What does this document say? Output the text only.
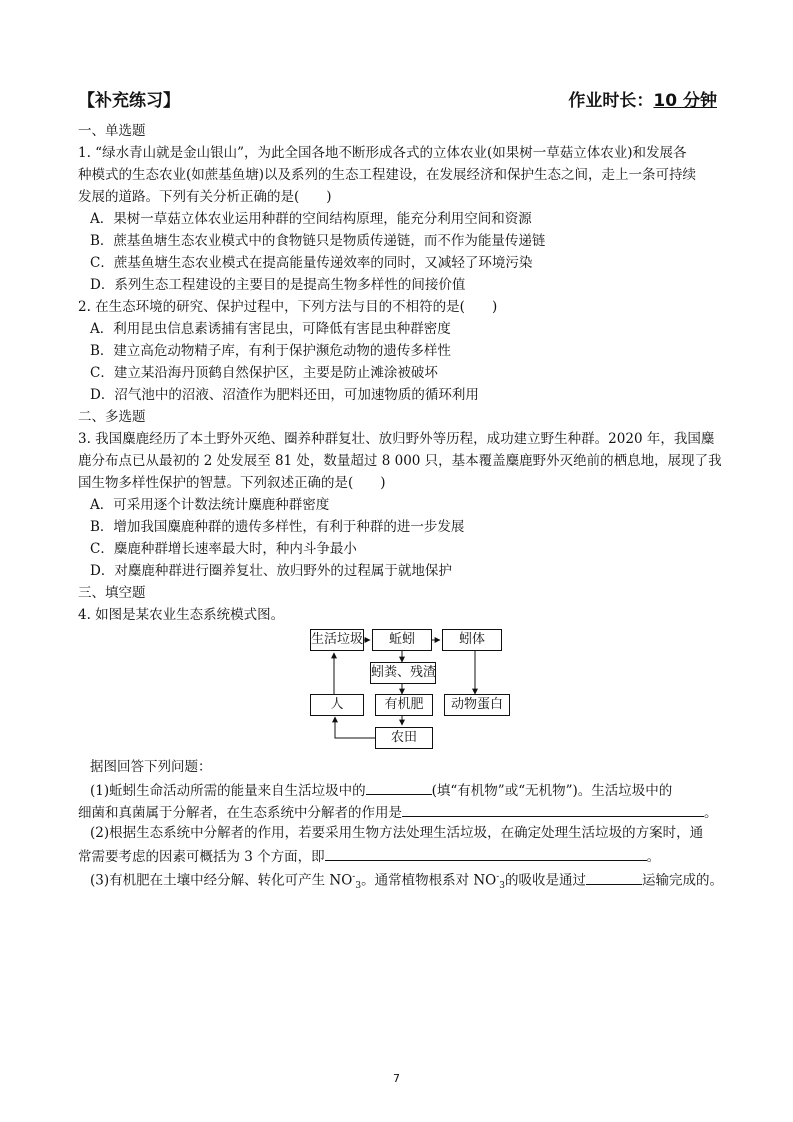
【补充练习】	作业时长：10 分钟
一、单选题
1. “绿水青山就是金山银山”，为此全国各地不断形成各式的立体农业(如果树一草菇立体农业)和发展各
种模式的生态农业(如蔗基鱼塘)以及系列的生态工程建设，在发展经济和保护生态之间，走上一条可持续
发展的道路。下列有关分析正确的是(　　)
A．果树一草菇立体农业运用种群的空间结构原理，能充分利用空间和资源
B．蔗基鱼塘生态农业模式中的食物链只是物质传递链，而不作为能量传递链
C．蔗基鱼塘生态农业模式在提高能量传递效率的同时，又减轻了环境污染
D．系列生态工程建设的主要目的是提高生物多样性的间接价值
2. 在生态环境的研究、保护过程中，下列方法与目的不相符的是(　　)
A．利用昆虫信息素诱捕有害昆虫，可降低有害昆虫种群密度
B．建立高危动物精子库，有利于保护濒危动物的遗传多样性
C．建立某沿海丹顶鹤自然保护区，主要是防止滩涂被破坏
D．沼气池中的沼液、沼渣作为肥料还田，可加速物质的循环利用
二、多选题
3. 我国麋鹿经历了本土野外灭绝、圈养种群复壮、放归野外等历程，成功建立野生种群。2020 年，我国麋
鹿分布点已从最初的 2 处发展至 81 处，数量超过 8 000 只，基本覆盖麋鹿野外灭绝前的栖息地，展现了我
国生物多样性保护的智慧。下列叙述正确的是(　　)
A．可采用逐个计数法统计麋鹿种群密度
B．增加我国麋鹿种群的遗传多样性，有利于种群的进一步发展
C．麋鹿种群增长速率最大时，种内斗争最小
D．对麋鹿种群进行圈养复壮、放归野外的过程属于就地保护
三、填空题
4. 如图是某农业生态系统模式图。
生活垃圾	蚯蚓	蚓体
蚓粪、残渣
人	有机肥	动物蛋白
农田
据图回答下列问题：
(1)蚯蚓生命活动所需的能量来自生活垃圾中的	(填“有机物”或“无机物”)。生活垃圾中的
细菌和真菌属于分解者，在生态系统中分解者的作用是	。
(2)根据生态系统中分解者的作用，若要采用生物方法处理生活垃圾，在确定处理生活垃圾的方案时，通
常需要考虑的因素可概括为 3 个方面，即	。
(3)有机肥在土壤中经分解、转化可产生 $NO^-_3$。通常植物根系对 $NO^-_3$的吸收是通过	运输完成的。
7
